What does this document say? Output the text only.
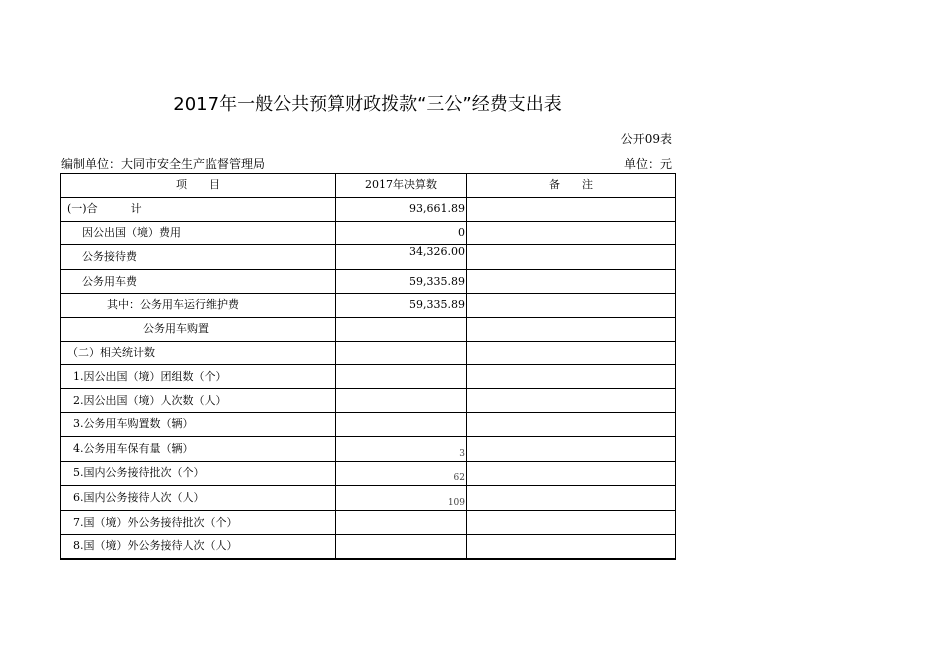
2017年一般公共预算财政拨款“三公”经费支出表
公开09表
编制单位：大同市安全生产监督管理局	单位：元
项　　目	2017年决算数	备　　注
(一)合　　　计	93,661.89	
因公出国（境）费用	0	
公务接待费	34,326.00	
公务用车费	59,335.89	
其中：公务用车运行维护费	59,335.89	
公务用车购置		
（二）相关统计数		
1.因公出国（境）团组数（个）		
2.因公出国（境）人次数（人）		
3.公务用车购置数（辆）		
4.公务用车保有量（辆）	3	
5.国内公务接待批次（个）	62	
6.国内公务接待人次（人）	109	
7.国（境）外公务接待批次（个）		
8.国（境）外公务接待人次（人）		
